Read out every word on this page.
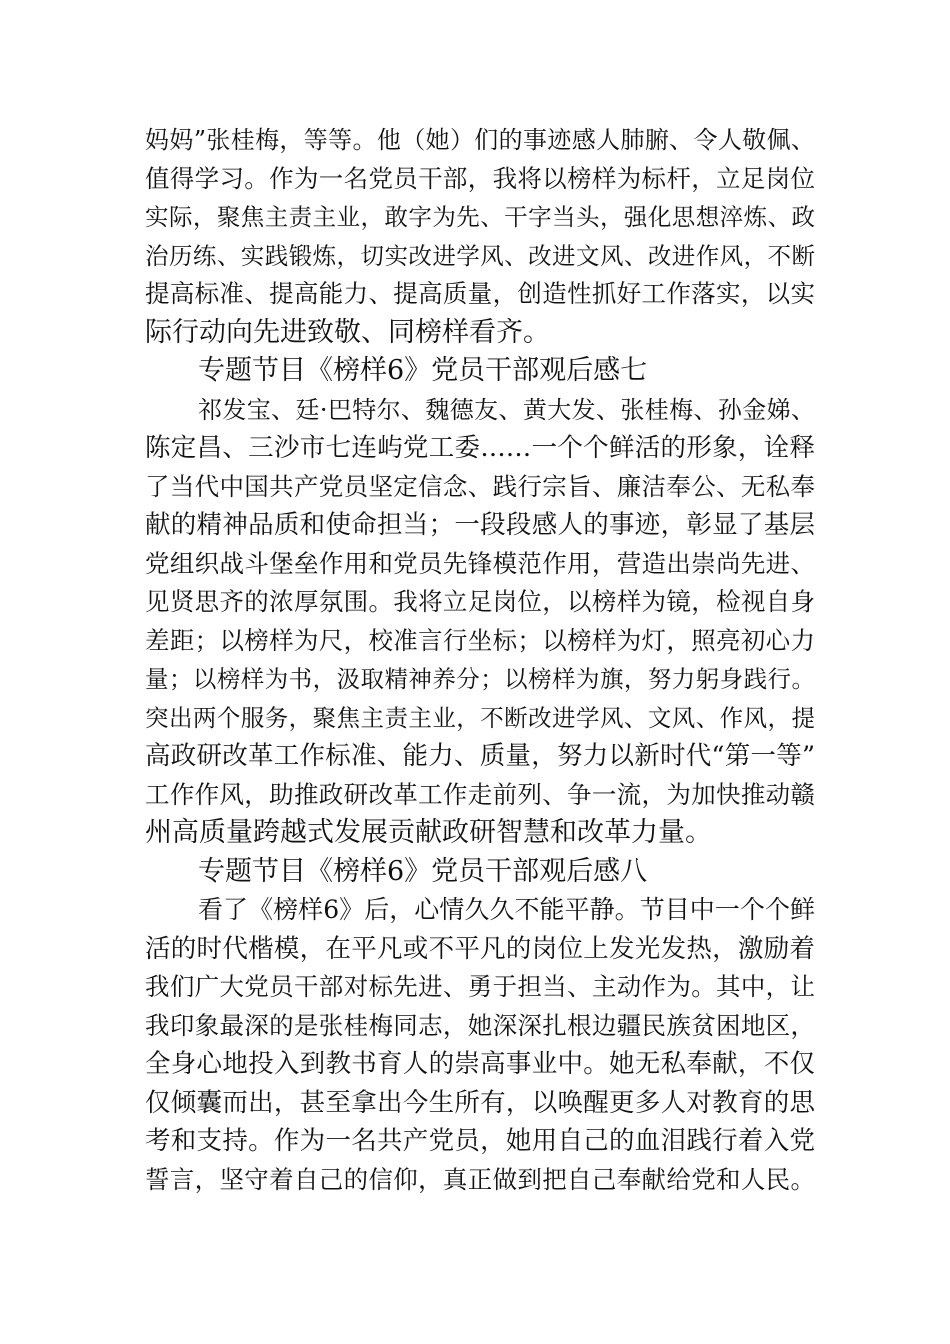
妈妈”张桂梅，等等。他（她）们的事迹感人肺腑、令人敬佩、
值得学习。作为一名党员干部，我将以榜样为标杆，立足岗位
实际，聚焦主责主业，敢字为先、干字当头，强化思想淬炼、政
治历练、实践锻炼，切实改进学风、改进文风、改进作风，不断
提高标准、提高能力、提高质量，创造性抓好工作落实，以实
际行动向先进致敬、同榜样看齐。
专题节目《榜样6》党员干部观后感七
祁发宝、廷·巴特尔、魏德友、黄大发、张桂梅、孙金娣、
陈定昌、三沙市七连屿党工委……一个个鲜活的形象，诠释
了当代中国共产党员坚定信念、践行宗旨、廉洁奉公、无私奉
献的精神品质和使命担当；一段段感人的事迹，彰显了基层
党组织战斗堡垒作用和党员先锋模范作用，营造出崇尚先进、
见贤思齐的浓厚氛围。我将立足岗位，以榜样为镜，检视自身
差距；以榜样为尺，校准言行坐标；以榜样为灯，照亮初心力
量；以榜样为书，汲取精神养分；以榜样为旗，努力躬身践行。
突出两个服务，聚焦主责主业，不断改进学风、文风、作风，提
高政研改革工作标准、能力、质量，努力以新时代“第一等”
工作作风，助推政研改革工作走前列、争一流，为加快推动赣
州高质量跨越式发展贡献政研智慧和改革力量。
专题节目《榜样6》党员干部观后感八
看了《榜样6》后，心情久久不能平静。节目中一个个鲜
活的时代楷模，在平凡或不平凡的岗位上发光发热，激励着
我们广大党员干部对标先进、勇于担当、主动作为。其中，让
我印象最深的是张桂梅同志，她深深扎根边疆民族贫困地区，
全身心地投入到教书育人的崇高事业中。她无私奉献，不仅
仅倾囊而出，甚至拿出今生所有，以唤醒更多人对教育的思
考和支持。作为一名共产党员，她用自己的血泪践行着入党
誓言，坚守着自己的信仰，真正做到把自己奉献给党和人民。
